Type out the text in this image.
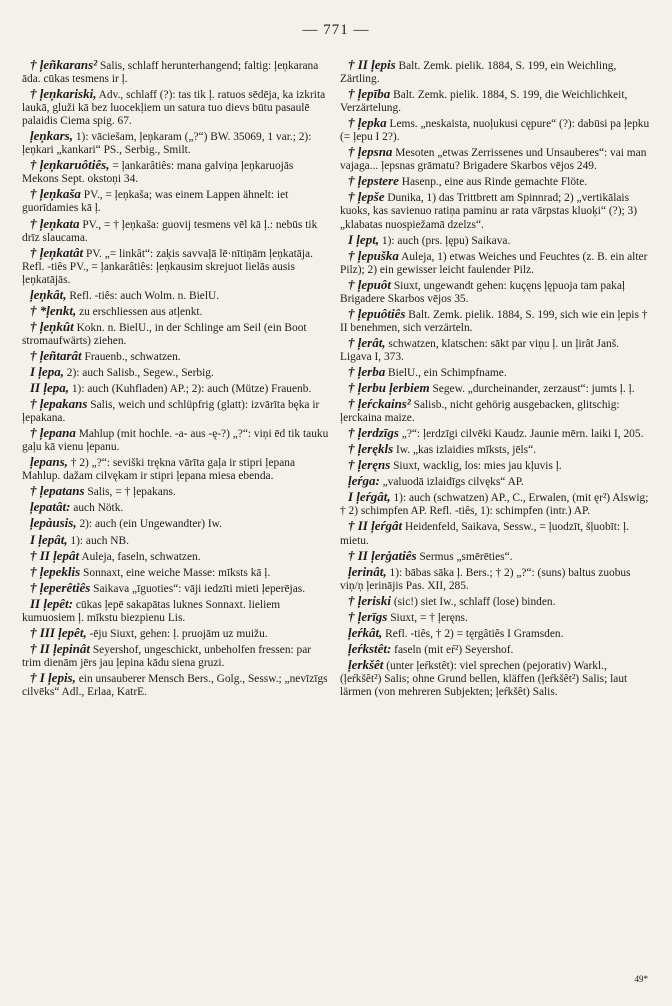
— 771 —

† ļeñkarans² Salis, schlaff herunterhangend; faltig: ļeņkarana āda. cūkas tesmens ir ļ.

† ļeņkariski, Adv., schlaff (?): tas tik ļ. ratuos sēdēja, ka izkrita laukā, gluži kā bez luocekļiem un satura tuo dievs būtu pasaulē palaidis Ciema spig. 67.

ļeņkars, 1): vāciešam, ļeņkaram („?“) BW. 35069, 1 var.; 2): ļeņkari „kankari“ PS., Serbig., Smilt.

† ļeņkaruôtiês, = ļankarâtiês: mana galviņa ļeņkaruojās Mekons Sept. okstoņi 34.

† ļeņkaša PV., = ļeņkaša; was einem Lappen ähnelt: iet guorīdamies kā ļ.

† ļeņkata PV., = † ļeņkaša: guovij tesmens vēl kā ļ.: nebūs tik drīz slaucama.

† ļeņkatât PV. „= linkât“: zaķis savvaļā lē·nītiņām ļeņkatāja. Refl. -tiês PV., = ļankarâtiês: ļeņkausim skrejuot lielās ausis ļeņkatājās.

ļeņkât, Refl. -tiês: auch Wolm. n. BielU.

† *ļenkt, zu erschliessen aus atļenkt.

† ļeņkût Kokn. n. BielU., in der Schlinge am Seil (ein Boot stromaufwärts) ziehen.

† ļeñtarât Frauenb., schwatzen.

I ļepa, 2): auch Salisb., Segew., Serbig.

II ļepa, 1): auch (Kuhfladen) AP.; 2): auch (Mütze) Frauenb.

† ļepakans Salis, weich und schlüpfrig (glatt): izvārīta bęka ir ļepakana.

† ļepana Mahlup (mit hochle. -a- aus -ę-?) „?“: viņi ēd tik tauku gaļu kā vienu ļepanu.

ļepans, † 2) „?“: seviški tręknа vārīta gaļa ir stipri ļepana Mahlup. dažam cilvękam ir stipri ļepana miesa ebenda.

† ļepatans Salis, = † ļepakans.

ļepatât: auch Nötk.

ļepàusis, 2): auch (ein Ungewandter) Iw.

I ļepât, 1): auch NB.

† II ļepât Auleja, faseln, schwatzen.

† ļepeklis Sonnaxt, eine weiche Masse: mīksts kā ļ.

† ļeperêtiês Saikava „īguoties“: vāji iedzīti mieti ļeperējas.

II ļepêt: cūkas ļepē sakapātas luknes Sonnaxt. lieliem kumuosiem ļ. mīkstu biezpienu Lis.

† III ļepêt, -ēju Siuxt, gehen: ļ. pruojām uz muižu.

† II ļepinât Seyershof, ungeschickt, unbeholfen fressen: par trim dienām jērs jau ļepina kādu siena gruzi.

† I ļepis, ein unsauberer Mensch Bers., Golg., Sessw.; „nevīzīgs cilvēks“ Adl., Erlaa, KatrE.

† II ļepis Balt. Zemk. pielik. 1884, S. 199, ein Weichling, Zärtling.

† ļepība Balt. Zemk. pielik. 1884, S. 199, die Weichlichkeit, Verzärtelung.

† ļepka Lems. „neskaista, nuoļukusi cępure“ (?): dabūsi pa ļepku (= ļepu I 2?).

† ļepsna Mesoten „etwas Zerrissenes und Unsauberes“: vai man vajaga... ļepsnas grāmatu? Brigadere Skarbos vējos 249.

† ļepstere Hasenp., eine aus Rinde gemachte Flöte.

† ļepše Dunika, 1) das Trittbrett am Spinnrad; 2) „vertikālais kuoks, kas savienuo ratiņa paminu ar rata vārpstas kluoķi“ (?); 3) „klabatas nuospiežamā dzelzs“.

I ļept, 1): auch (prs. ļępu) Saikava.

† ļepuška Auleja, 1) etwas Weiches und Feuchtes (z. B. ein alter Pilz); 2) ein gewisser leicht faulender Pilz.

† ļepuôt Siuxt, ungewandt gehen: kuçęns ļępuoja tam pakaļ Brigadere Skarbos vējos 35.

† ļepuôtiês Balt. Zemk. pielik. 1884, S. 199, sich wie ein ļepis † II benehmen, sich verzärteln.

† ļerât, schwatzen, klatschen: sākt par viņu ļ. un ļirât Janš. Ligava I, 373.

† ļerba BielU., ein Schimpfname.

† ļerbu ļerbiem Segew. „durcheinander, zerzaust“: jumts ļ. ļ.

† ļeŕckains² Salisb., nicht gehörig ausgebacken, glitschig: ļerckaina maize.

† ļerdzīgs „?“: ļerdzīgi cilvēki Kaudz. Jaunie mērn. laiki I, 205.

† ļerękls Iw. „kas izlaidies mīksts, jēls“.

† ļeręns Siuxt, wacklig, los: mies jau kļuvis ļ.

ļeŕga: „valuodā izlaidīgs cilvęks“ AP.

I ļeŕgât, 1): auch (schwatzen) AP., C., Erwalen, (mit ęr²) Alswig; † 2) schimpfen AP. Refl. -tiês, 1): schimpfen (intr.) AP.

† II ļeŕgât Heidenfeld, Saikava, Sessw., = ļuodzīt, šļuobīt: ļ. mietu.

† II ļerġatiês Sermus „smērēties“.

ļerinât, 1): bābas sāka ļ. Bers.; † 2) „?“: (suns) baltus zuobus viņ/ņ ļerinājis Pas. XII, 285.

† ļeriski (sic!) siet Iw., schlaff (lose) binden.

† ļerīgs Siuxt, = † ļeręns.

ļeŕkât, Refl. -tiês, † 2) = tęrgâtiês I Gramsden.

ļeŕkstêt: faseln (mit eŕ²) Seyershof.

ļerkšêt (unter ļeŕkstêt): viel sprechen (pejorativ) Warkl., (ļeŕkšêt²) Salis; ohne Grund bellen, kläffen (ļeŕkšêt²) Salis; laut lärmen (von mehreren Subjekten; ļeŕkšêt) Salis.

49*
